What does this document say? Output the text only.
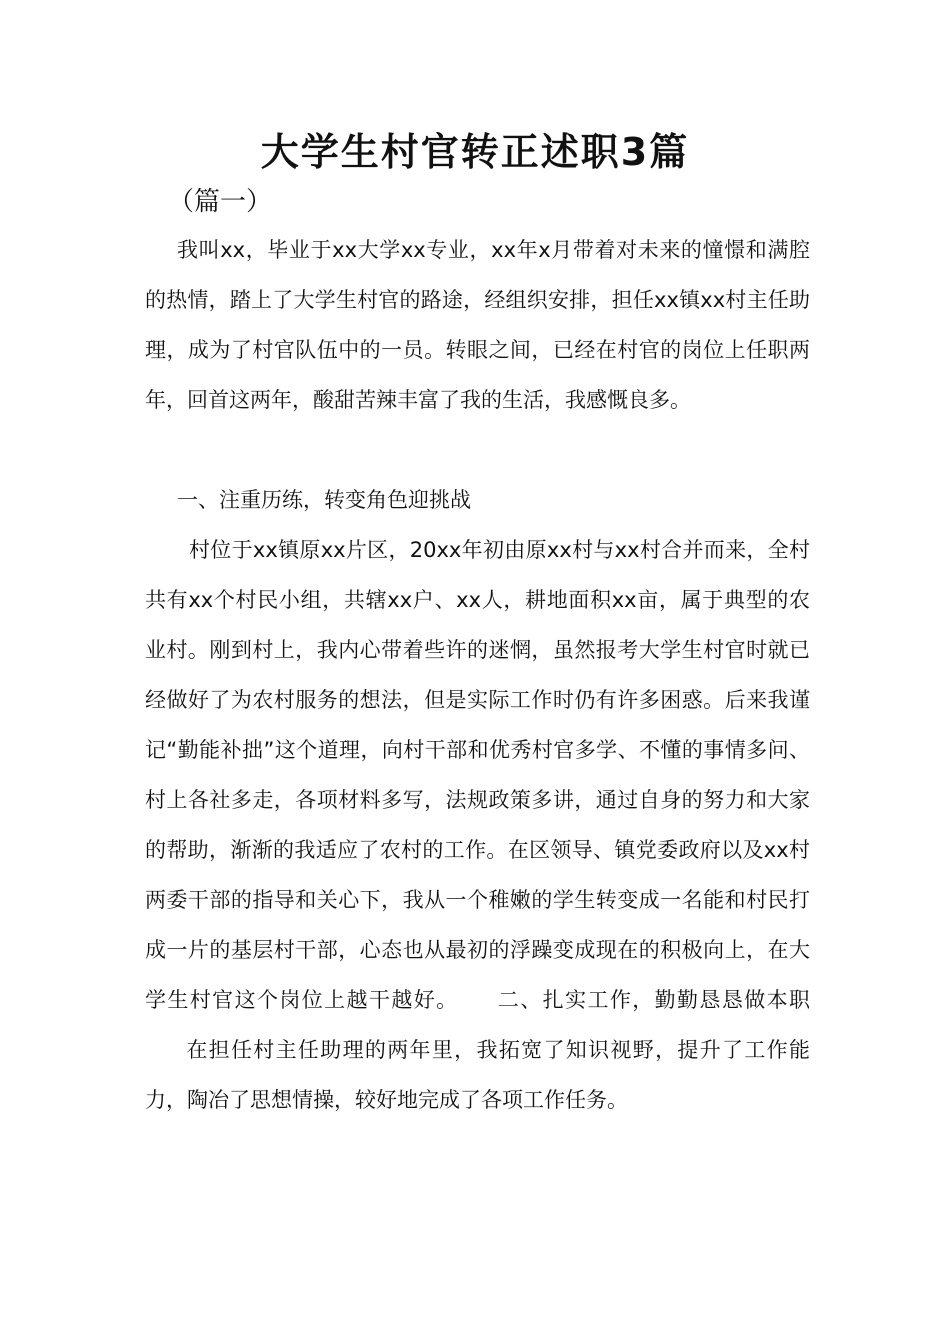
大学生村官转正述职3篇
（篇一）

我叫xx，毕业于xx大学xx专业，xx年x月带着对未来的憧憬和满腔的热情，踏上了大学生村官的路途，经组织安排，担任xx镇xx村主任助理，成为了村官队伍中的一员。转眼之间，已经在村官的岗位上任职两年，回首这两年，酸甜苦辣丰富了我的生活，我感慨良多。

一、注重历练，转变角色迎挑战

村位于xx镇原xx片区，20xx年初由原xx村与xx村合并而来，全村共有xx个村民小组，共辖xx户、xx人，耕地面积xx亩，属于典型的农业村。刚到村上，我内心带着些许的迷惘，虽然报考大学生村官时就已经做好了为农村服务的想法，但是实际工作时仍有许多困惑。后来我谨记“勤能补拙”这个道理，向村干部和优秀村官多学、不懂的事情多问、村上各社多走，各项材料多写，法规政策多讲，通过自身的努力和大家的帮助，渐渐的我适应了农村的工作。在区领导、镇党委政府以及xx村两委干部的指导和关心下，我从一个稚嫩的学生转变成一名能和村民打成一片的基层村干部，心态也从最初的浮躁变成现在的积极向上，在大学生村官这个岗位上越干越好。 二、扎实工作，勤勤恳恳做本职在担任村主任助理的两年里，我拓宽了知识视野，提升了工作能力，陶冶了思想情操，较好地完成了各项工作任务。
